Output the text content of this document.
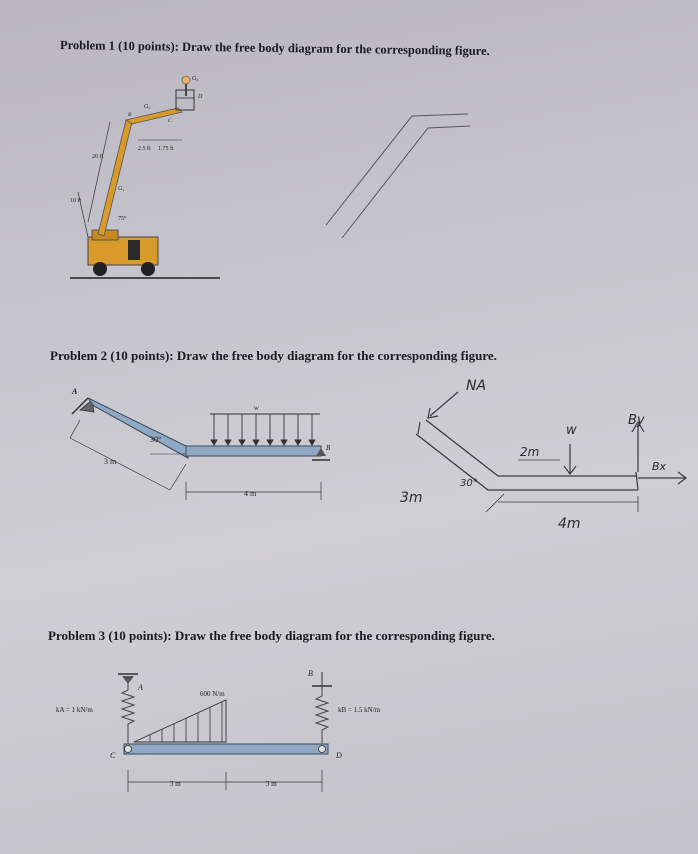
Problem 1 (10 points): Draw the free body diagram for the corresponding figure.
G₃
D
G₂
B
C
2.5 ft 1.75 ft
20 ft
G₁
10 ft
75°
Problem 2 (10 points): Draw the free body diagram for the corresponding figure.
A
w
B
30°
3 m
4 m
NA
w
2m
By
Bx
3m
30°
4m
Problem 3 (10 points): Draw the free body diagram for the corresponding figure.
A
B
C	D
600 N/m
kA = 1 kN/m	kB = 1.5 kN/m
3 m	3 m
